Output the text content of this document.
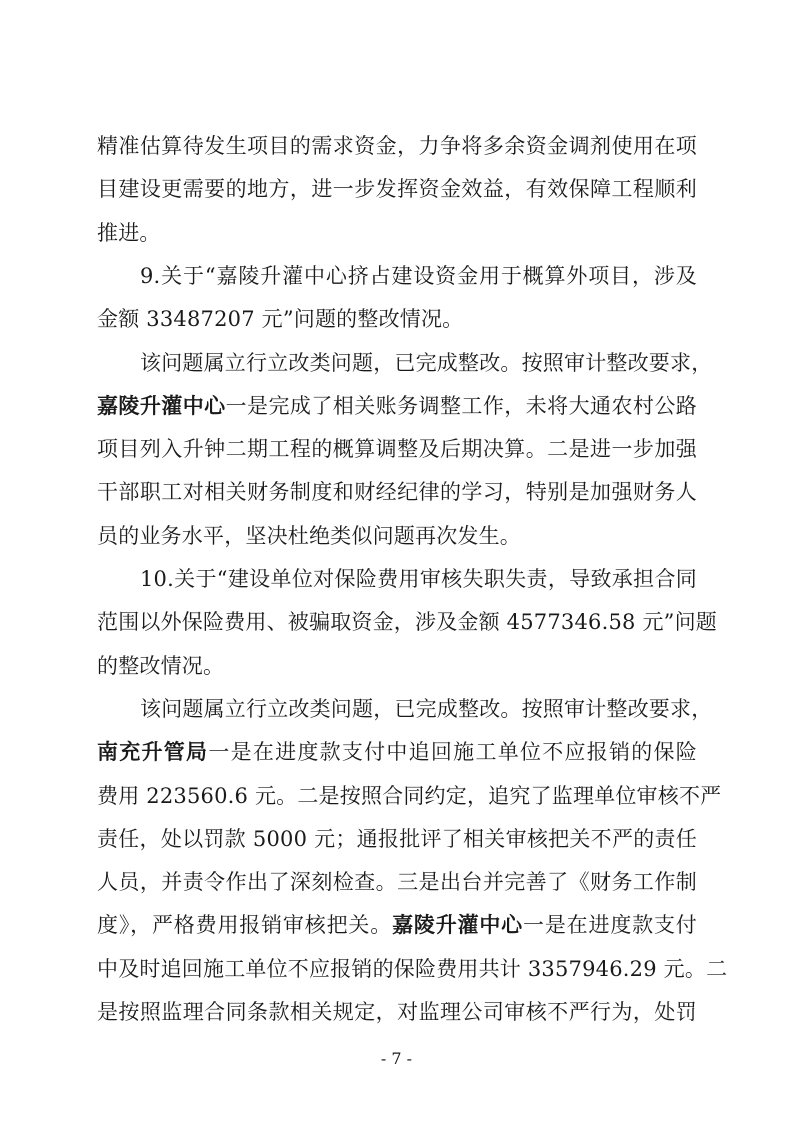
精准估算待发生项目的需求资金，力争将多余资金调剂使用在项
目建设更需要的地方，进一步发挥资金效益，有效保障工程顺利
推进。
9.关于“嘉陵升灌中心挤占建设资金用于概算外项目，涉及
金额 33487207 元”问题的整改情况。
该问题属立行立改类问题，已完成整改。按照审计整改要求，
嘉陵升灌中心一是完成了相关账务调整工作，未将大通农村公路
项目列入升钟二期工程的概算调整及后期决算。二是进一步加强
干部职工对相关财务制度和财经纪律的学习，特别是加强财务人
员的业务水平，坚决杜绝类似问题再次发生。
10.关于“建设单位对保险费用审核失职失责，导致承担合同
范围以外保险费用、被骗取资金，涉及金额 4577346.58 元”问题
的整改情况。
该问题属立行立改类问题，已完成整改。按照审计整改要求，
南充升管局一是在进度款支付中追回施工单位不应报销的保险
费用 223560.6 元。二是按照合同约定，追究了监理单位审核不严
责任，处以罚款 5000 元；通报批评了相关审核把关不严的责任
人员，并责令作出了深刻检查。三是出台并完善了《财务工作制
度》，严格费用报销审核把关。嘉陵升灌中心一是在进度款支付
中及时追回施工单位不应报销的保险费用共计 3357946.29 元。二
是按照监理合同条款相关规定，对监理公司审核不严行为，处罚
- 7 -
